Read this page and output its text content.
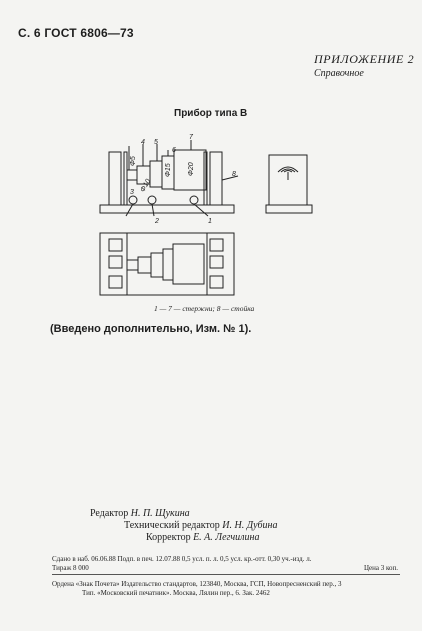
С. 6 ГОСТ 6806—73
ПРИЛОЖЕНИЕ 2
Справочное
Прибор типа В
Φ5
4 5
6
7
Φ15 Φ20	8
3 Φ10
2	1
1 — 7 — стержни; 8 — стойка
(Введено дополнительно, Изм. № 1).
Редактор Н. П. Щукина
Технический редактор И. Н. Дубина
Корректор Е. А. Легчилина
Сдано в наб. 06.06.88 Подп. в печ. 12.07.88 0,5 усл. п. л. 0,5 усл. кр.-отт. 0,30 уч.-изд. л.
Тираж 8 000	Цена 3 коп.
Ордена «Знак Почета» Издательство стандартов, 123840, Москва, ГСП, Новопресненский пер., 3
Тип. «Московский печатник». Москва, Лялин пер., 6. Зак. 2462
